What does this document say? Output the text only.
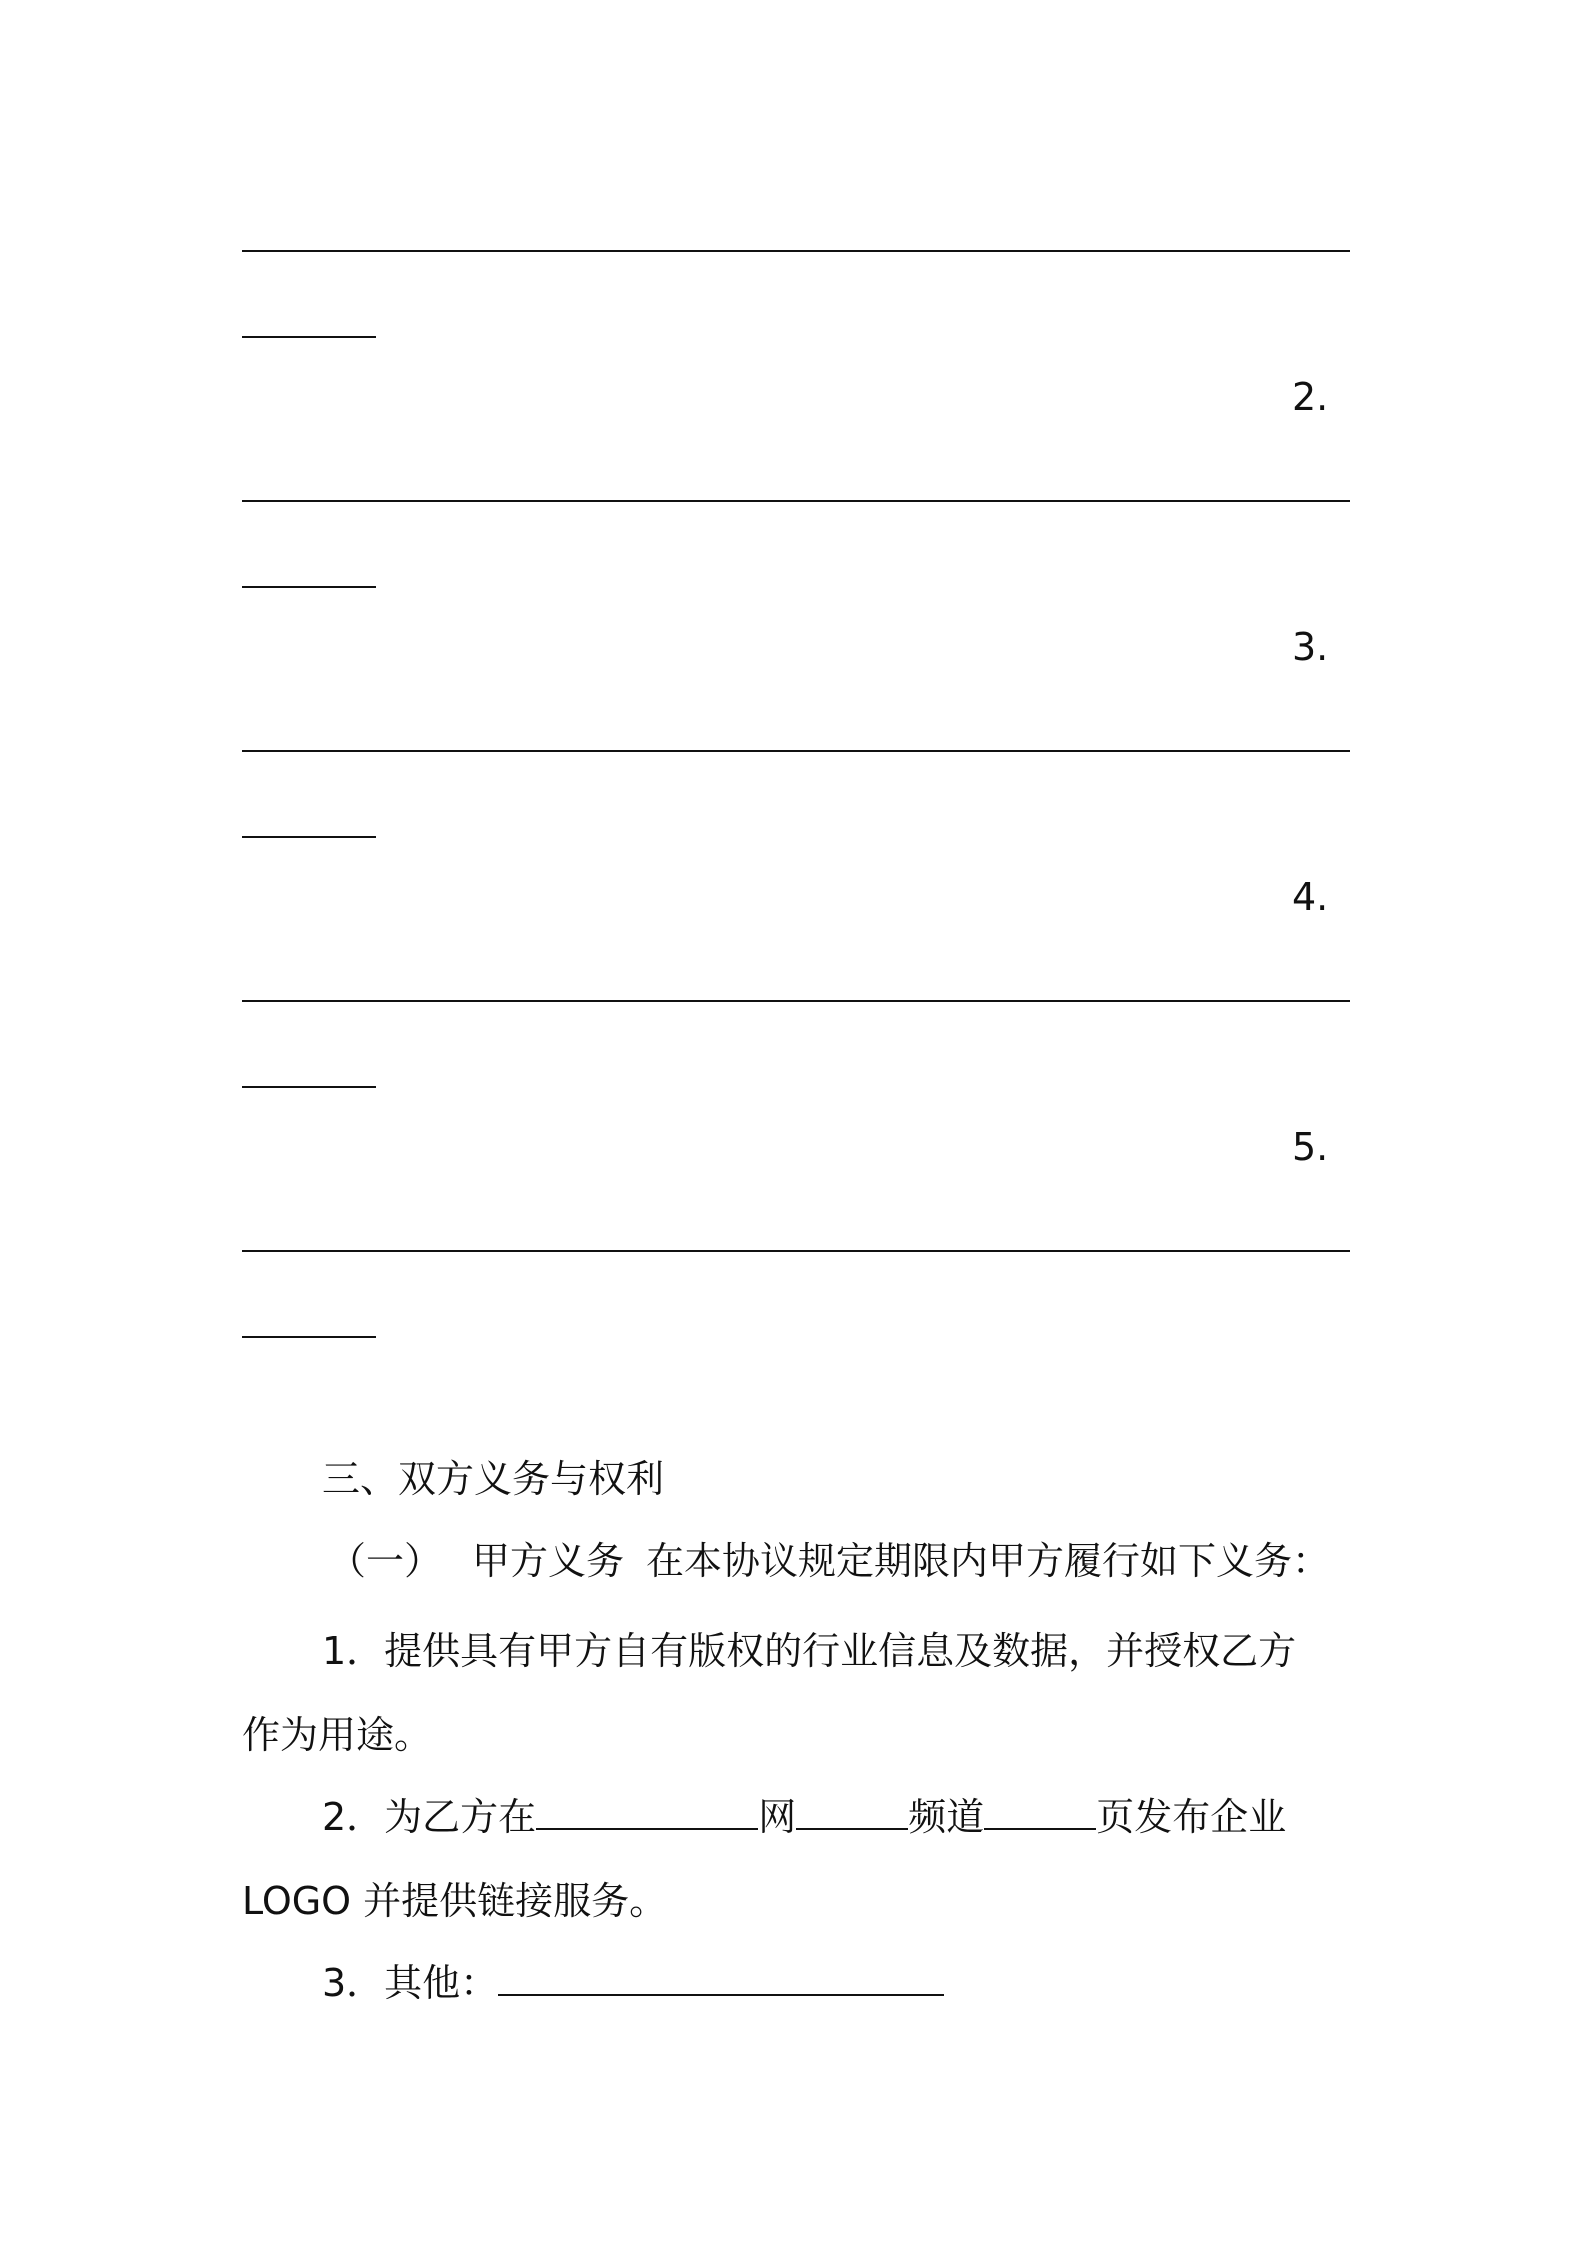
2.
3.
4.
5.
三、双方义务与权利
（一） 甲方义务 在本协议规定期限内甲方履行如下义务：
1．提供具有甲方自有版权的行业信息及数据，并授权乙方
作为用途。
2．为乙方在	网	频道	页发布企业
LOGO 并提供链接服务。
3．其他：
